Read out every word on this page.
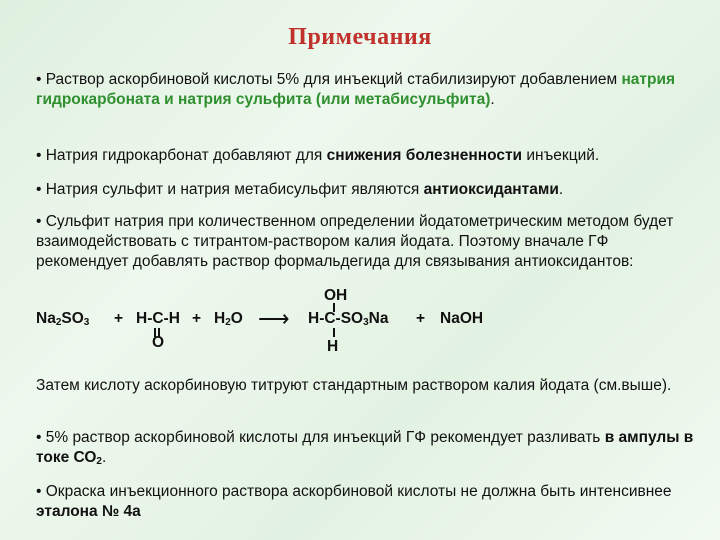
Примечания

• Раствор аскорбиновой кислоты 5% для инъекций стабилизируют добавлением натрия гидрокарбоната и натрия сульфита (или метабисульфита).

• Натрия гидрокарбонат добавляют для снижения болезненности инъекций.

• Натрия сульфит и натрия метабисульфит являются антиоксидантами.

• Сульфит натрия при количественном определении йодатометрическим методом будет взаимодействовать с титрантом-раствором калия йодата. Поэтому вначале ГФ рекомендует добавлять раствор формальдегида для связывания антиоксидантов:

$Na_2SO_3 + H-C-H$
O
+ $H_2O$ ⟶
OH
$H-C-SO_3Na$
H
+ NaOH

Затем кислоту аскорбиновую титруют стандартным раствором калия йодата (см.выше).

• 5% раствор аскорбиновой кислоты для инъекций ГФ рекомендует разливать в ампулы в токе $СО_2$.

• Окраска инъекционного раствора аскорбиновой кислоты не должна быть интенсивнее эталона № 4а
